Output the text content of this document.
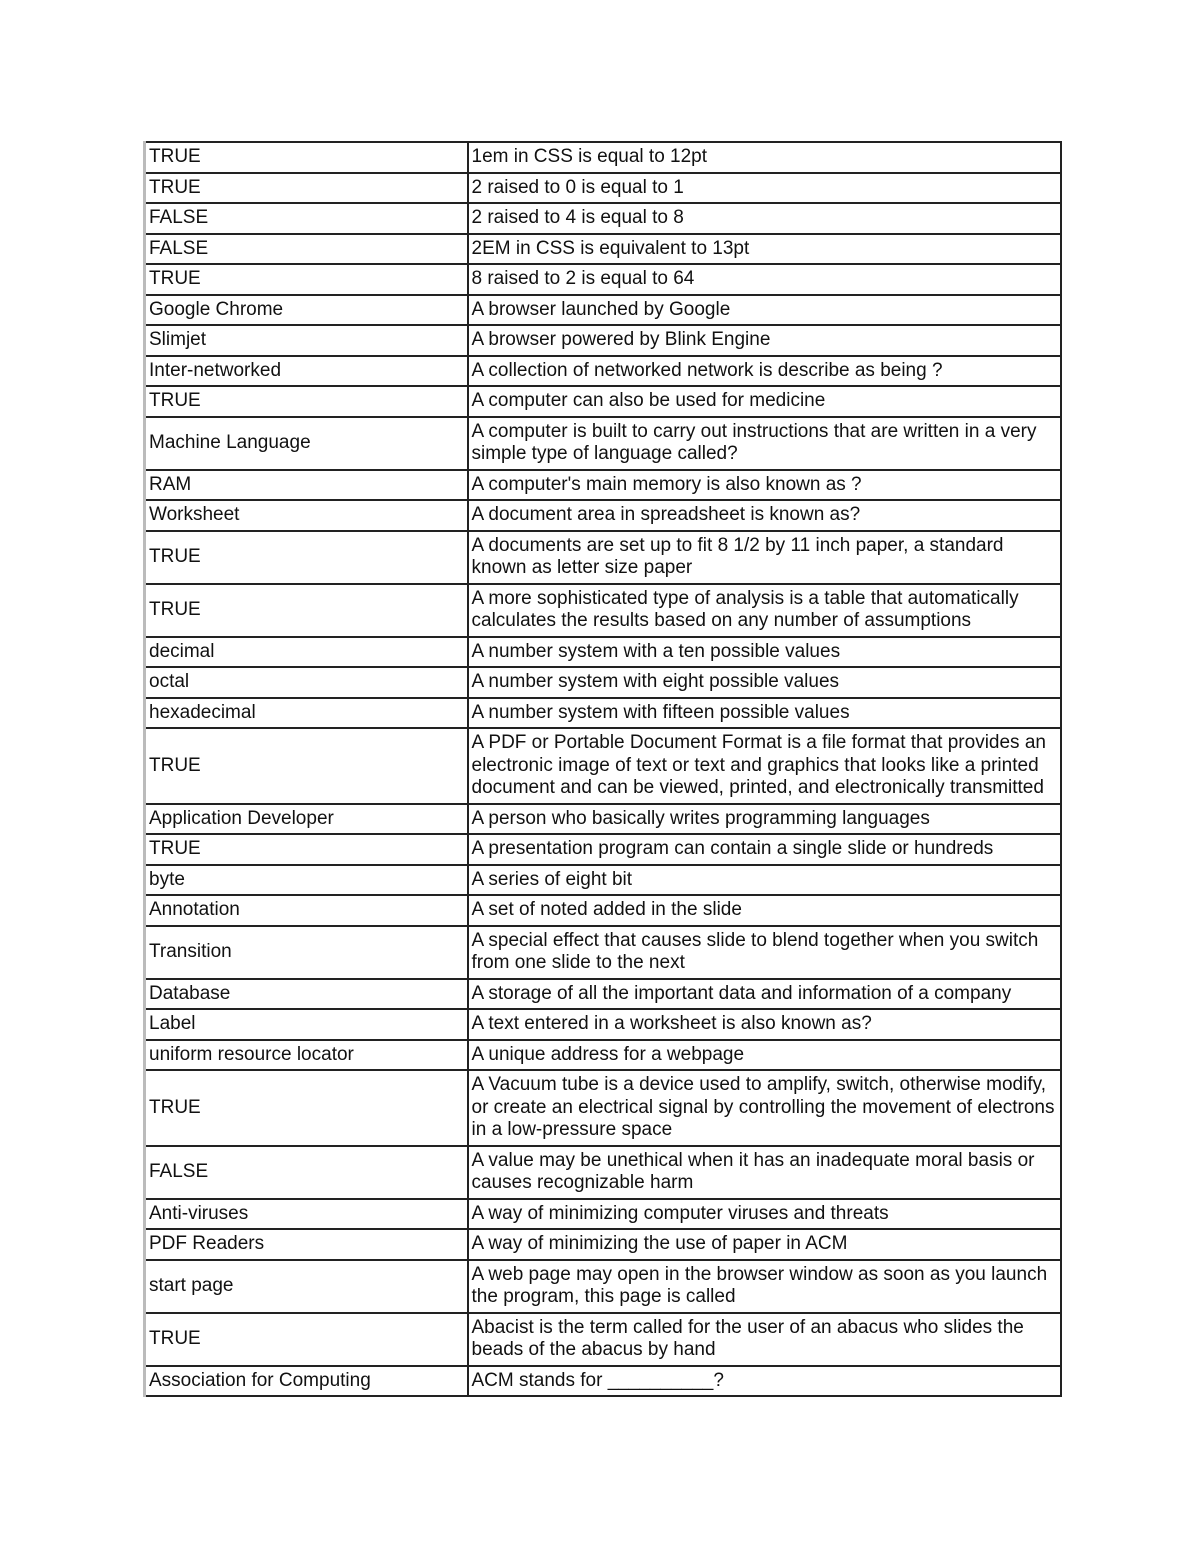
TRUE	1em in CSS is equal to 12pt
TRUE	2 raised to 0 is equal to 1
FALSE	2 raised to 4 is equal to 8
FALSE	2EM in CSS is equivalent to 13pt
TRUE	8 raised to 2 is equal to 64
Google Chrome	A browser launched by Google
Slimjet	A browser powered by Blink Engine
Inter-networked	A collection of networked network is describe as being ?
TRUE	A computer can also be used for medicine
Machine Language	A computer is built to carry out instructions that are written in a very simple type of language called?
RAM	A computer's main memory is also known as ?
Worksheet	A document area in spreadsheet is known as?
TRUE	A documents are set up to fit 8 1/2 by 11 inch paper, a standard known as letter size paper
TRUE	A more sophisticated type of analysis is a table that automatically calculates the results based on any number of assumptions
decimal	A number system with a ten possible values
octal	A number system with eight possible values
hexadecimal	A number system with fifteen possible values
TRUE	A PDF or Portable Document Format is a file format that provides an electronic image of text or text and graphics that looks like a printed document and can be viewed, printed, and electronically transmitted
Application Developer	A person who basically writes programming languages
TRUE	A presentation program can contain a single slide or hundreds
byte	A series of eight bit
Annotation	A set of noted added in the slide
Transition	A special effect that causes slide to blend together when you switch from one slide to the next
Database	A storage of all the important data and information of a company
Label	A text entered in a worksheet is also known as?
uniform resource locator	A unique address for a webpage
TRUE	A Vacuum tube is a device used to amplify, switch, otherwise modify, or create an electrical signal by controlling the movement of electrons in a low-pressure space
FALSE	A value may be unethical when it has an inadequate moral basis or causes recognizable harm
Anti-viruses	A way of minimizing computer viruses and threats
PDF Readers	A way of minimizing the use of paper in ACM
start page	A web page may open in the browser window as soon as you launch the program, this page is called
TRUE	Abacist is the term called for the user of an abacus who slides the beads of the abacus by hand
Association for Computing	ACM stands for __________?
